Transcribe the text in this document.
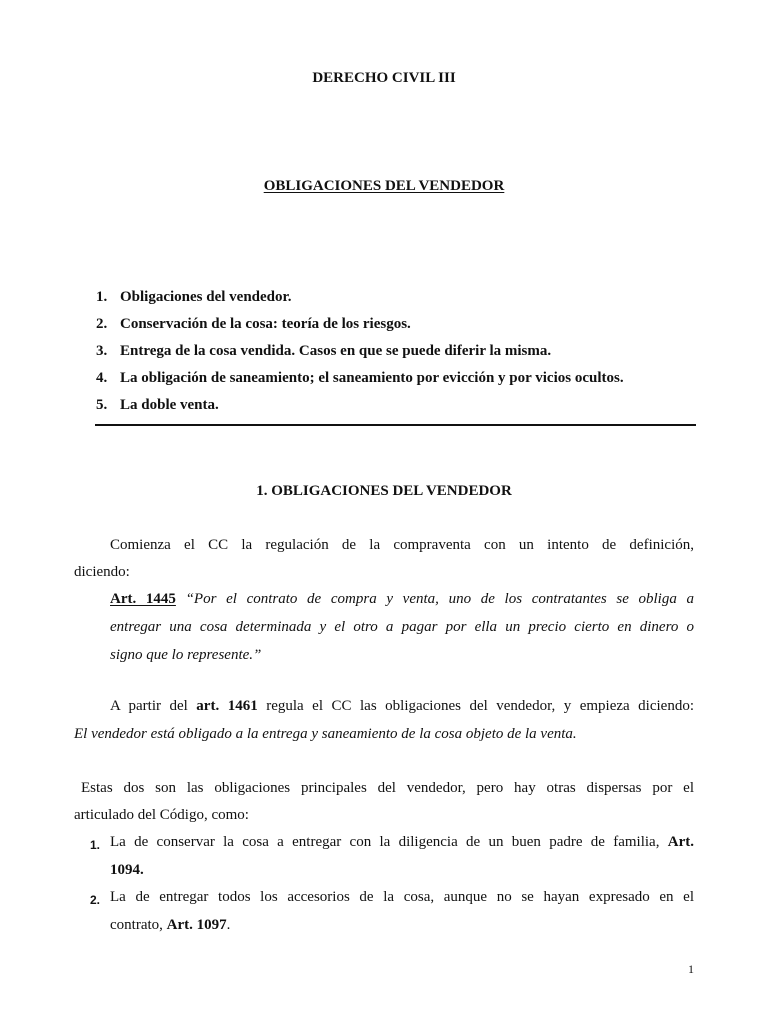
DERECHO CIVIL III
OBLIGACIONES DEL VENDEDOR
1. Obligaciones del vendedor.
2. Conservación de la cosa: teoría de los riesgos.
3. Entrega de la cosa vendida. Casos en que se puede diferir la misma.
4. La obligación de saneamiento; el saneamiento por evicción y por vicios ocultos.
5. La doble venta.
1. OBLIGACIONES DEL VENDEDOR
Comienza el CC la regulación de la compraventa con un intento de definición,
diciendo:
Art. 1445 “Por el contrato de compra y venta, uno de los contratantes se obliga a
entregar una cosa determinada y el otro a pagar por ella un precio cierto en dinero o
signo que lo represente.”
A partir del art. 1461 regula el CC las obligaciones del vendedor, y empieza diciendo:
El vendedor está obligado a la entrega y saneamiento de la cosa objeto de la venta.
Estas dos son las obligaciones principales del vendedor, pero hay otras dispersas por el
articulado del Código, como:
1. La de conservar la cosa a entregar con la diligencia de un buen padre de familia, Art.
1094.
2. La de entregar todos los accesorios de la cosa, aunque no se hayan expresado en el
contrato, Art. 1097.
1
